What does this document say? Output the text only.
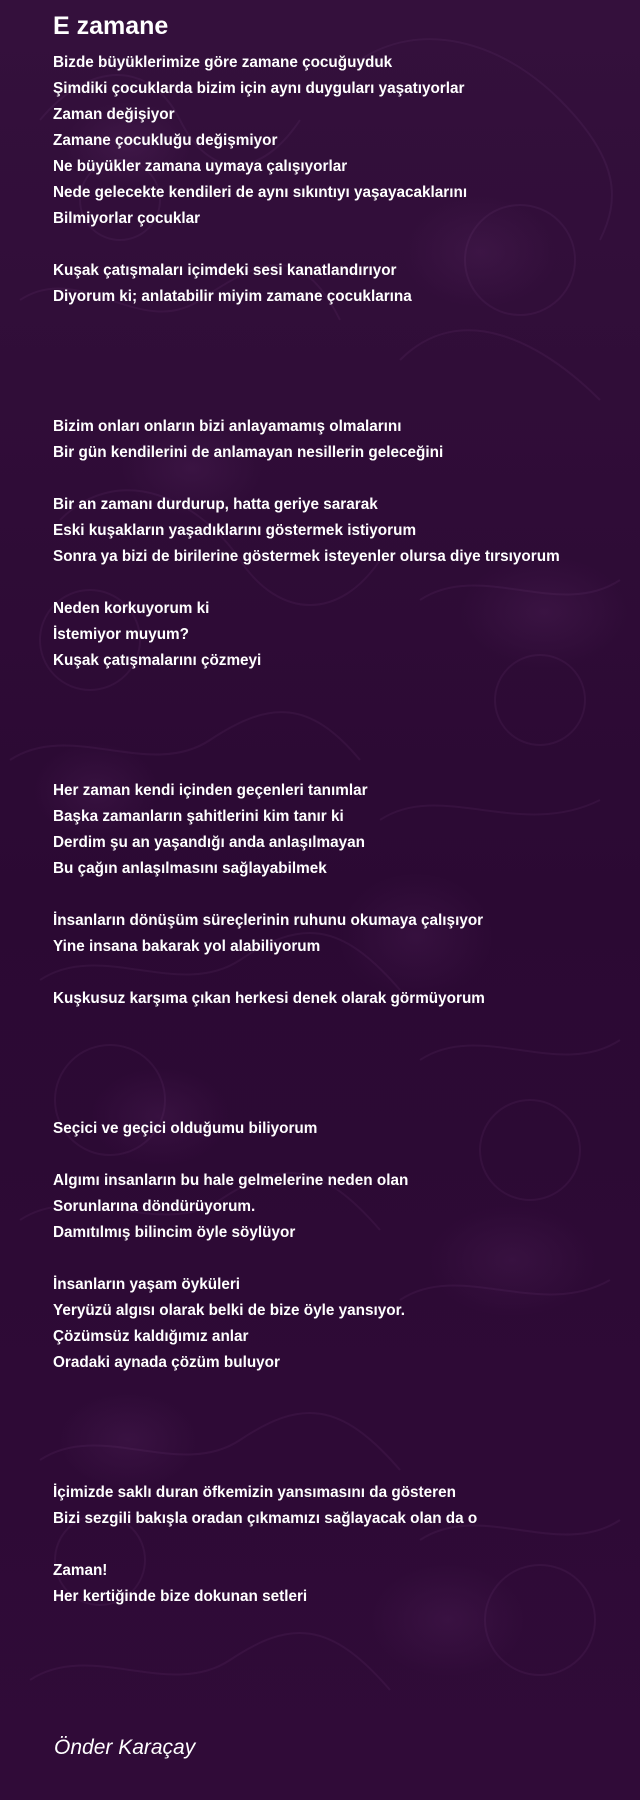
E zamane
Bizde büyüklerimize göre zamane çocuğuyduk
Şimdiki çocuklarda bizim için aynı duyguları yaşatıyorlar
Zaman değişiyor
Zamane çocukluğu değişmiyor
Ne büyükler zamana uymaya çalışıyorlar
Nede gelecekte kendileri de aynı sıkıntıyı yaşayacaklarını
Bilmiyorlar çocuklar
Kuşak çatışmaları içimdeki sesi kanatlandırıyor
Diyorum ki; anlatabilir miyim zamane çocuklarına
Bizim onları onların bizi anlayamamış olmalarını
Bir gün kendilerini de anlamayan nesillerin geleceğini
Bir an zamanı durdurup, hatta geriye sararak
Eski kuşakların yaşadıklarını göstermek istiyorum
Sonra ya bizi de birilerine göstermek isteyenler olursa diye tırsıyorum
Neden korkuyorum ki
İstemiyor muyum?
Kuşak çatışmalarını çözmeyi
Her zaman kendi içinden geçenleri tanımlar
Başka zamanların şahitlerini kim tanır ki
Derdim şu an yaşandığı anda anlaşılmayan
Bu çağın anlaşılmasını sağlayabilmek
İnsanların dönüşüm süreçlerinin ruhunu okumaya çalışıyor
Yine insana bakarak yol alabiliyorum
Kuşkusuz karşıma çıkan herkesi denek olarak görmüyorum
Seçici ve geçici olduğumu biliyorum
Algımı insanların bu hale gelmelerine neden olan
Sorunlarına döndürüyorum.
Damıtılmış bilincim öyle söylüyor
İnsanların yaşam öyküleri
Yeryüzü algısı olarak belki de bize öyle yansıyor.
Çözümsüz kaldığımız anlar
Oradaki aynada çözüm buluyor
İçimizde saklı duran öfkemizin yansımasını da gösteren
Bizi sezgili bakışla oradan çıkmamızı sağlayacak olan da o
Zaman!
Her kertiğinde bize dokunan setleri
Önder Karaçay
